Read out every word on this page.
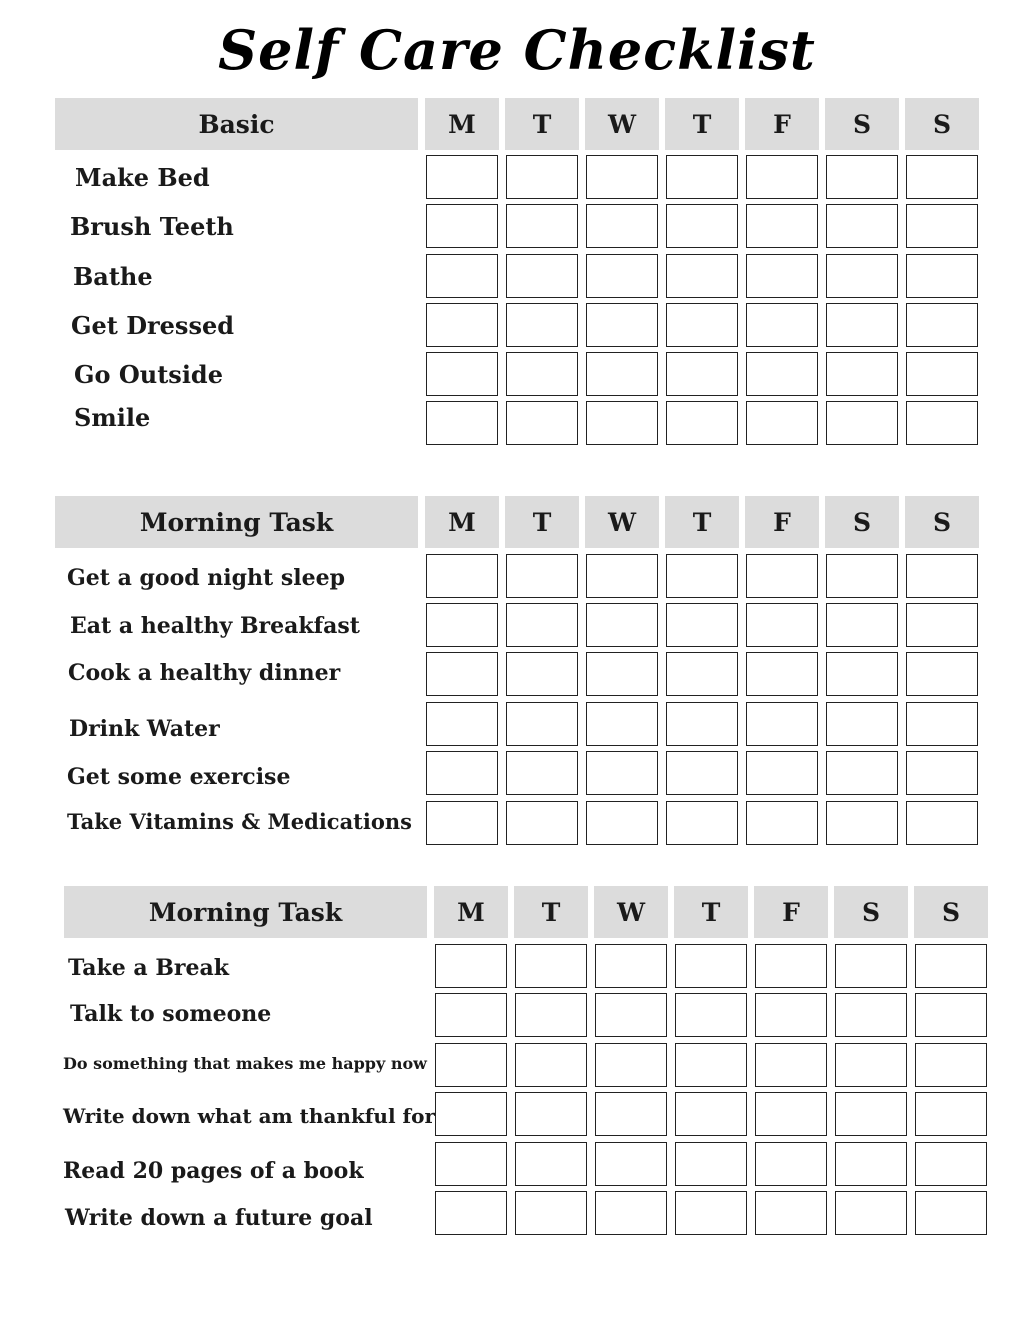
Self Care Checklist
Basic	M	T	W	T	F	S	S
Make Bed
Brush Teeth
Bathe
Get Dressed
Go Outside
Smile
Morning Task	M	T	W	T	F	S	S
Get a good night sleep
Eat a healthy Breakfast
Cook a healthy dinner
Drink Water
Get some exercise
Take Vitamins & Medications
Morning Task	M	T	W	T	F	S	S
Take a Break
Talk to someone
Do something that makes me happy now
Write down what am thankful for
Read 20 pages of a book
Write down a future goal
